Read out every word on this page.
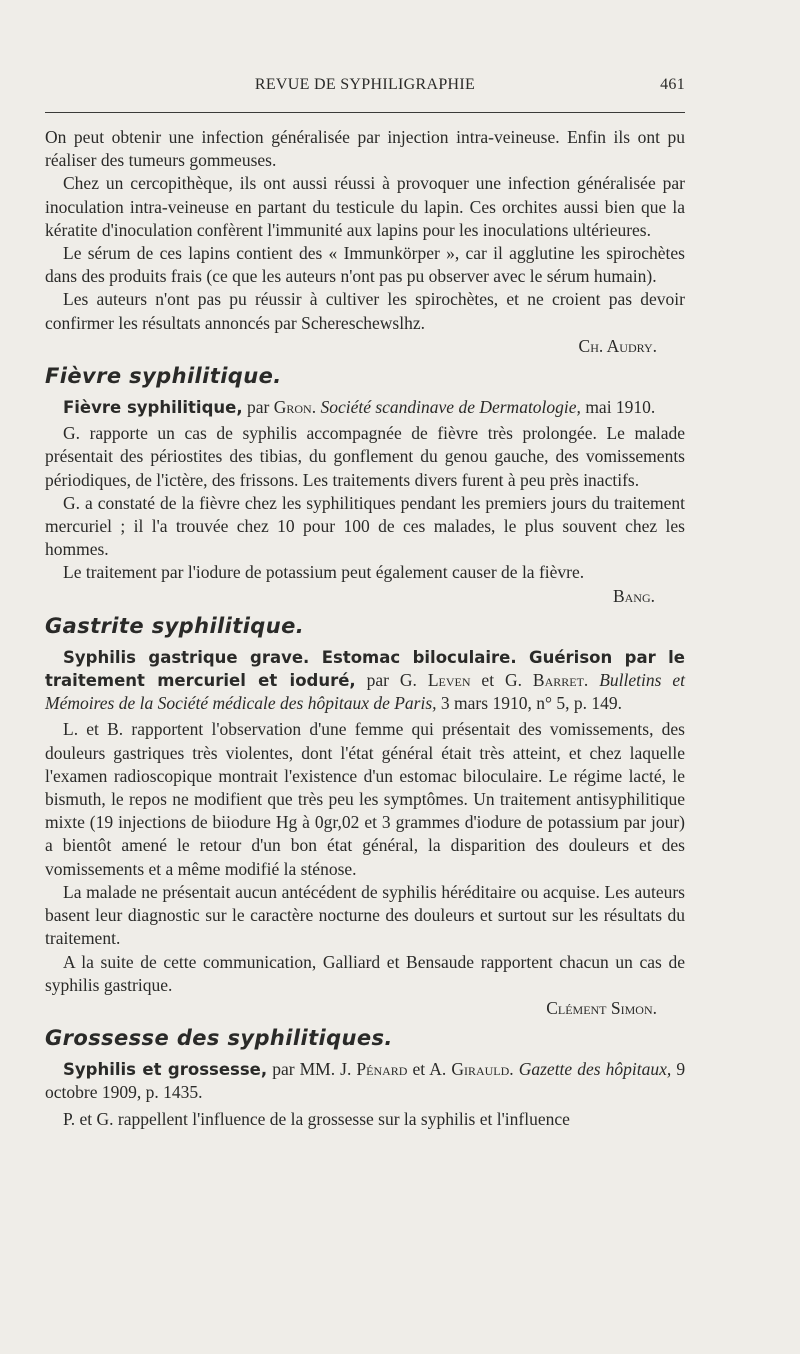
REVUE DE SYPHILIGRAPHIE	461

On peut obtenir une infection généralisée par injection intra-veineuse. Enfin ils ont pu réaliser des tumeurs gommeuses.

Chez un cercopithèque, ils ont aussi réussi à provoquer une infection généralisée par inoculation intra-veineuse en partant du testicule du lapin. Ces orchites aussi bien que la kératite d'inoculation confèrent l'immunité aux lapins pour les inoculations ultérieures.

Le sérum de ces lapins contient des « Immunkörper », car il agglutine les spirochètes dans des produits frais (ce que les auteurs n'ont pas pu observer avec le sérum humain).

Les auteurs n'ont pas pu réussir à cultiver les spirochètes, et ne croient pas devoir confirmer les résultats annoncés par Schereschewslhz.

Ch. Audry.
Fièvre syphilitique.

Fièvre syphilitique, par Gron. Société scandinave de Dermatologie, mai 1910.

G. rapporte un cas de syphilis accompagnée de fièvre très prolongée. Le malade présentait des périostites des tibias, du gonflement du genou gauche, des vomissements périodiques, de l'ictère, des frissons. Les traitements divers furent à peu près inactifs.

G. a constaté de la fièvre chez les syphilitiques pendant les premiers jours du traitement mercuriel ; il l'a trouvée chez 10 pour 100 de ces malades, le plus souvent chez les hommes.

Le traitement par l'iodure de potassium peut également causer de la fièvre.

Bang.
Gastrite syphilitique.

Syphilis gastrique grave. Estomac biloculaire. Guérison par le traitement mercuriel et ioduré, par G. Leven et G. Barret. Bulletins et Mémoires de la Société médicale des hôpitaux de Paris, 3 mars 1910, n° 5, p. 149.

L. et B. rapportent l'observation d'une femme qui présentait des vomissements, des douleurs gastriques très violentes, dont l'état général était très atteint, et chez laquelle l'examen radioscopique montrait l'existence d'un estomac biloculaire. Le régime lacté, le bismuth, le repos ne modifient que très peu les symptômes. Un traitement antisyphilitique mixte (19 injections de biiodure Hg à 0gr,02 et 3 grammes d'iodure de potassium par jour) a bientôt amené le retour d'un bon état général, la disparition des douleurs et des vomissements et a même modifié la sténose.

La malade ne présentait aucun antécédent de syphilis héréditaire ou acquise. Les auteurs basent leur diagnostic sur le caractère nocturne des douleurs et surtout sur les résultats du traitement.

A la suite de cette communication, Galliard et Bensaude rapportent chacun un cas de syphilis gastrique.

Clément Simon.
Grossesse des syphilitiques.

Syphilis et grossesse, par MM. J. Pénard et A. Girauld. Gazette des hôpitaux, 9 octobre 1909, p. 1435.

P. et G. rappellent l'influence de la grossesse sur la syphilis et l'influence
